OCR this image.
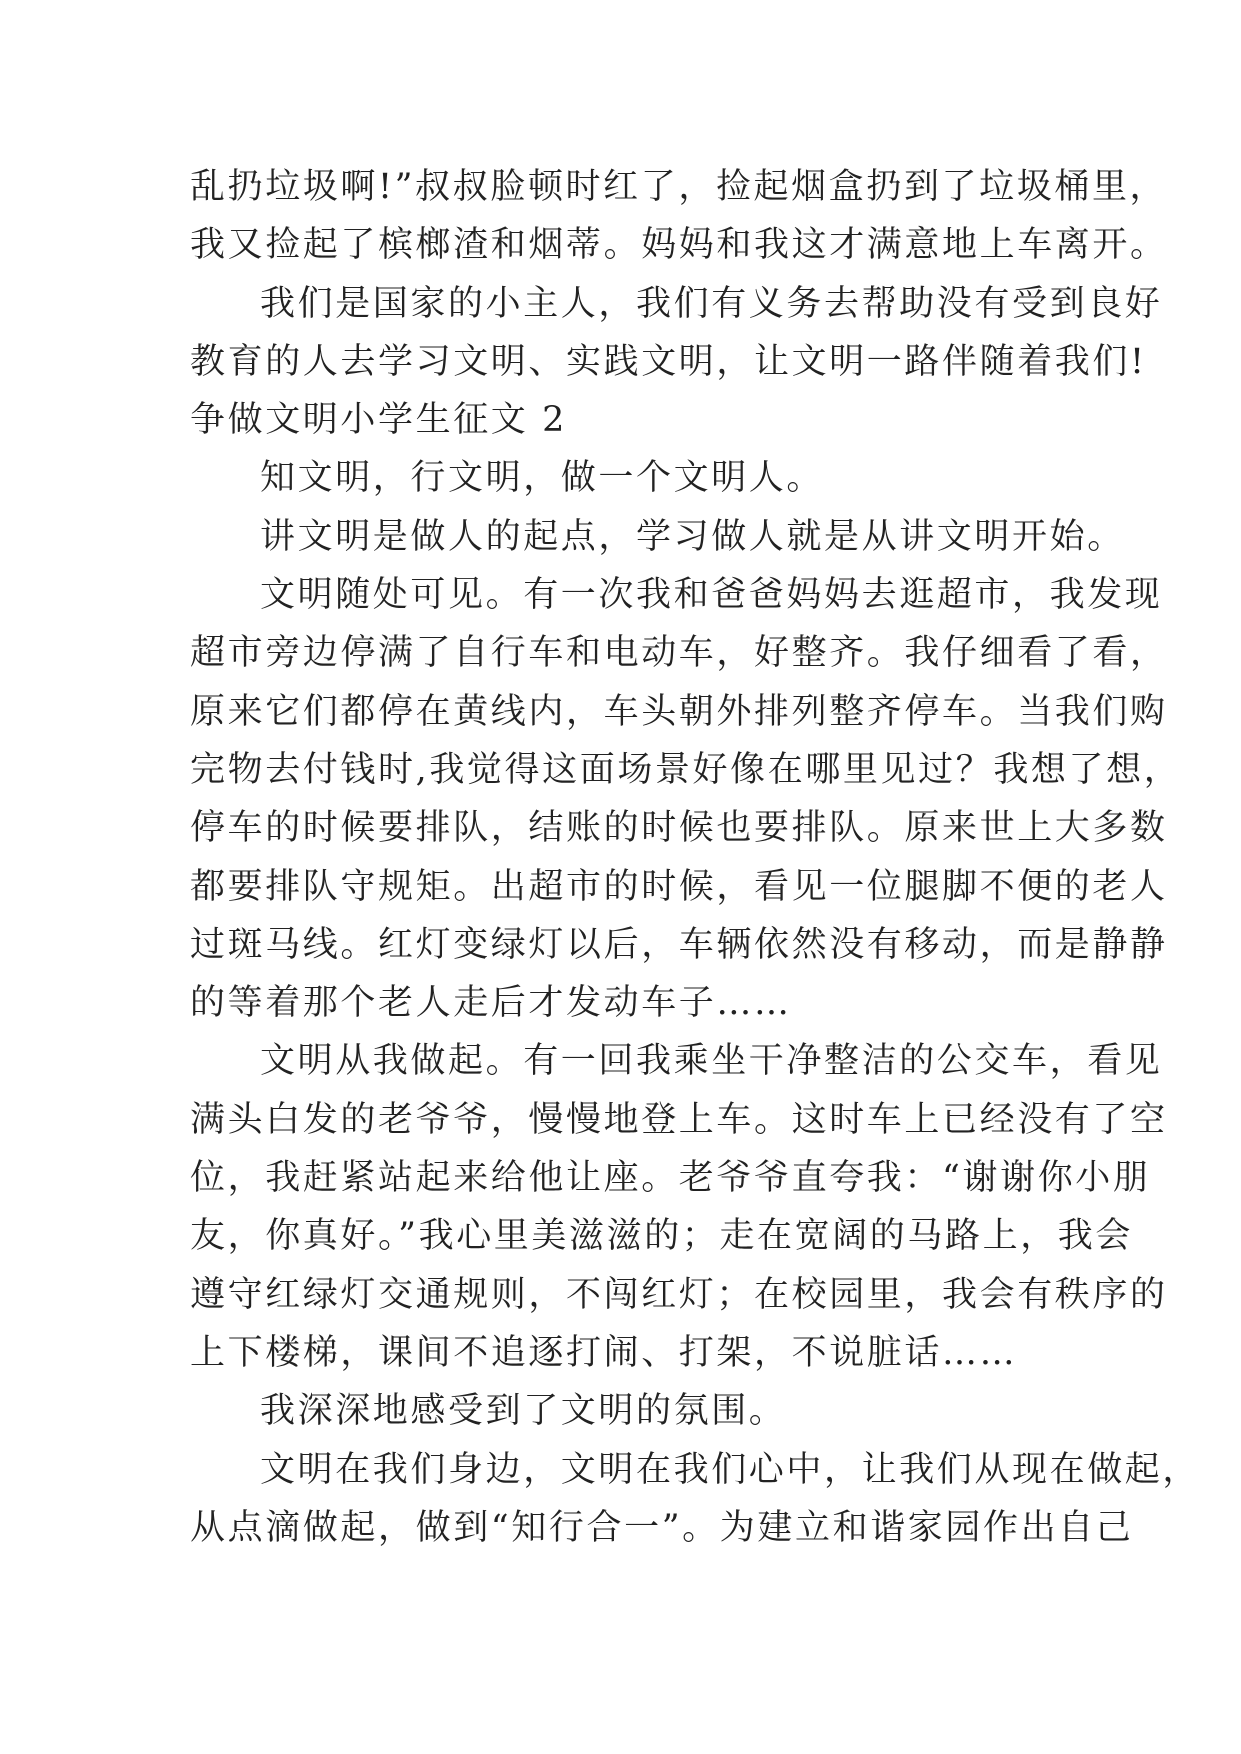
乱扔垃圾啊!”叔叔脸顿时红了，捡起烟盒扔到了垃圾桶里，
我又捡起了槟榔渣和烟蒂。妈妈和我这才满意地上车离开。
我们是国家的小主人，我们有义务去帮助没有受到良好
教育的人去学习文明、实践文明，让文明一路伴随着我们!
争做文明小学生征文 2
知文明，行文明，做一个文明人。
讲文明是做人的起点，学习做人就是从讲文明开始。
文明随处可见。有一次我和爸爸妈妈去逛超市，我发现
超市旁边停满了自行车和电动车，好整齐。我仔细看了看，
原来它们都停在黄线内，车头朝外排列整齐停车。当我们购
完物去付钱时,我觉得这面场景好像在哪里见过？我想了想，
停车的时候要排队，结账的时候也要排队。原来世上大多数
都要排队守规矩。出超市的时候，看见一位腿脚不便的老人
过斑马线。红灯变绿灯以后，车辆依然没有移动，而是静静
的等着那个老人走后才发动车子……
文明从我做起。有一回我乘坐干净整洁的公交车，看见
满头白发的老爷爷，慢慢地登上车。这时车上已经没有了空
位，我赶紧站起来给他让座。老爷爷直夸我：“谢谢你小朋
友，你真好。”我心里美滋滋的；走在宽阔的马路上，我会
遵守红绿灯交通规则，不闯红灯；在校园里，我会有秩序的
上下楼梯，课间不追逐打闹、打架，不说脏话……
我深深地感受到了文明的氛围。
文明在我们身边，文明在我们心中，让我们从现在做起，
从点滴做起，做到“知行合一”。为建立和谐家园作出自己
